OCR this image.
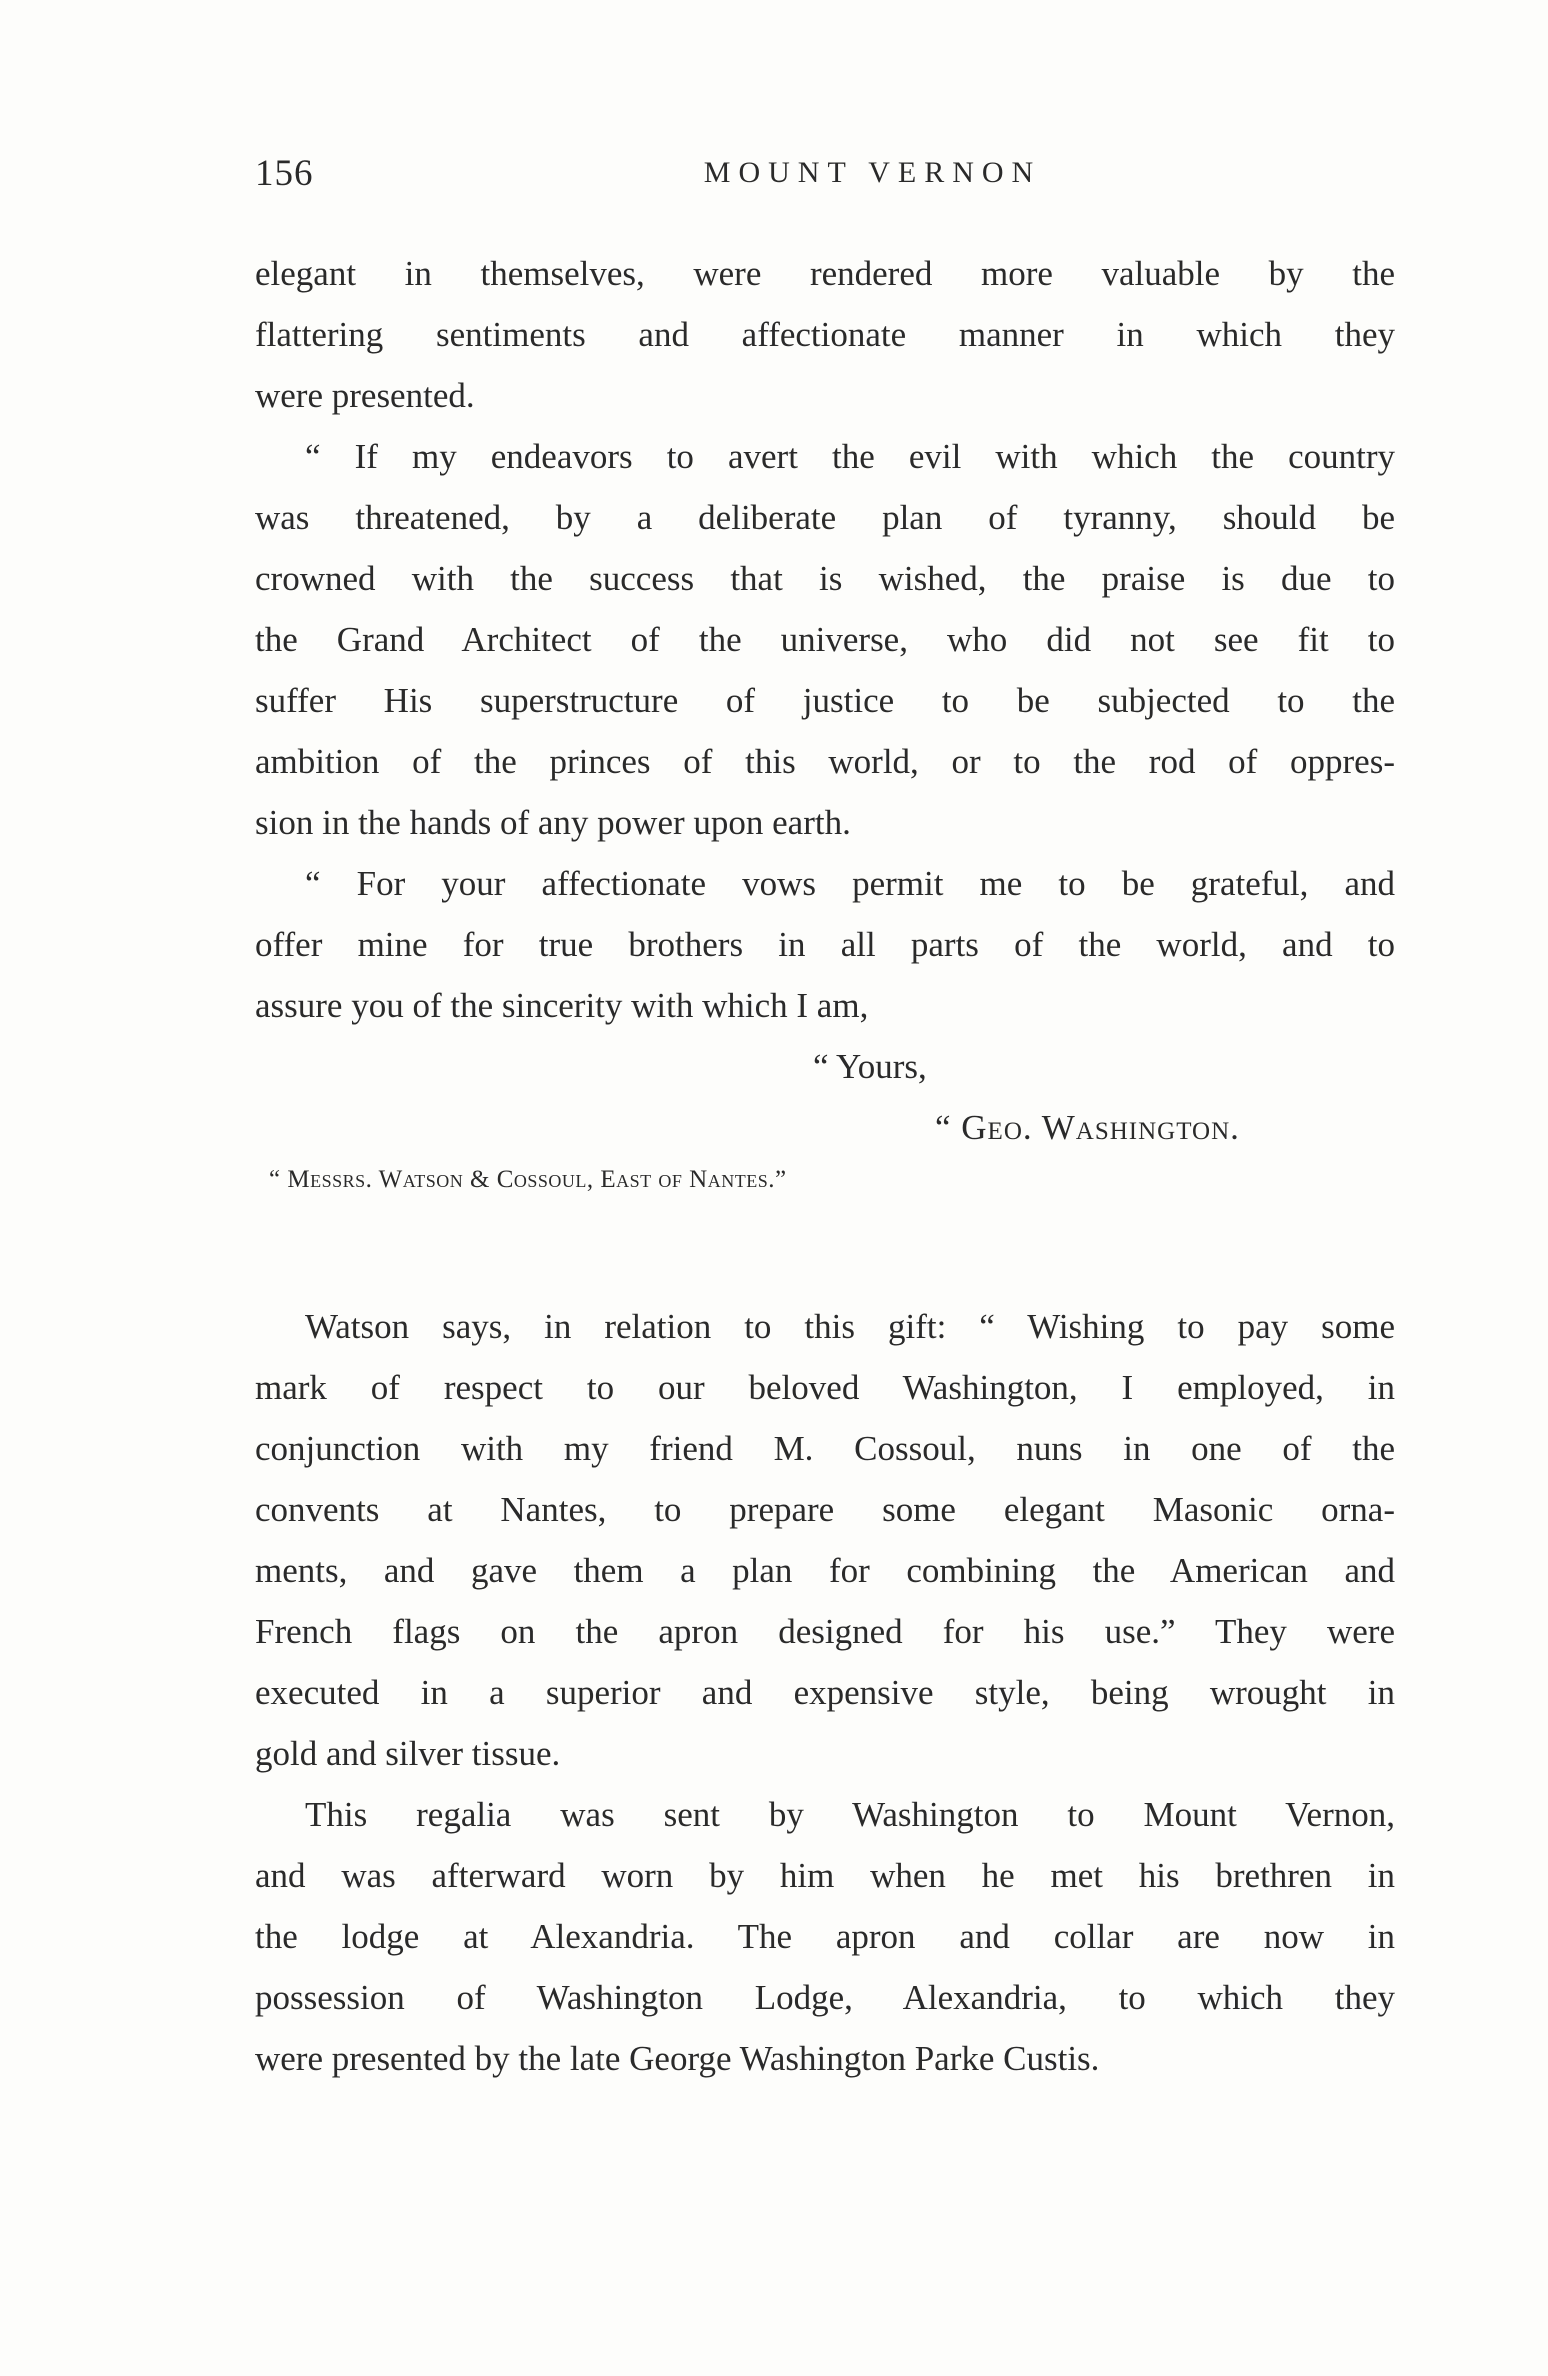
156	MOUNT VERNON
elegant in themselves, were rendered more valuable by the
flattering sentiments and affectionate manner in which they
were presented.
“ If my endeavors to avert the evil with which the country
was threatened, by a deliberate plan of tyranny, should be
crowned with the success that is wished, the praise is due to
the Grand Architect of the universe, who did not see fit to
suffer His superstructure of justice to be subjected to the
ambition of the princes of this world, or to the rod of oppres-
sion in the hands of any power upon earth.
“ For your affectionate vows permit me to be grateful, and
offer mine for true brothers in all parts of the world, and to
assure you of the sincerity with which I am,
“ Yours,
“ Geo. Washington.
“ Messrs. Watson & Cossoul, East of Nantes.”
Watson says, in relation to this gift: “ Wishing to pay some
mark of respect to our beloved Washington, I employed, in
conjunction with my friend M. Cossoul, nuns in one of the
convents at Nantes, to prepare some elegant Masonic orna-
ments, and gave them a plan for combining the American and
French flags on the apron designed for his use.” They were
executed in a superior and expensive style, being wrought in
gold and silver tissue.
This regalia was sent by Washington to Mount Vernon,
and was afterward worn by him when he met his brethren in
the lodge at Alexandria. The apron and collar are now in
possession of Washington Lodge, Alexandria, to which they
were presented by the late George Washington Parke Custis.
